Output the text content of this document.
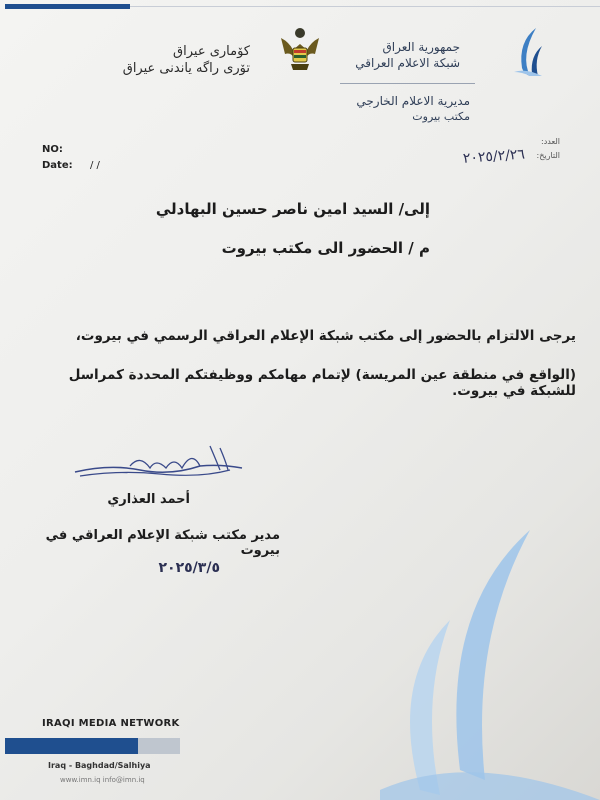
کۆماری عیراق
تۆری راگه یاندنی عیراق
جمهورية العراق
شبكة الاعلام العراقي
مديرية الاعلام الخارجي
مكتب بيروت
NO:
Date: / /
العدد:
التاريخ:
٢٠٢٥/٢/٢٦
إلى/ السيد امين ناصر حسين البهادلي
م / الحضور الى مكتب بيروت
يرجى الالتزام بالحضور إلى مكتب شبكة الإعلام العراقي الرسمي في بيروت،
(الواقع في منطقة عين المريسة) لإتمام مهامكم ووظيفتكم المحددة كمراسل للشبكة في بيروت.
أحمد العذاري
مدير مكتب شبكة الإعلام العراقي في بيروت
٢٠٢٥/٣/٥
IRAQI MEDIA NETWORK
Iraq - Baghdad/Salhiya
www.imn.iq info@imn.iq
